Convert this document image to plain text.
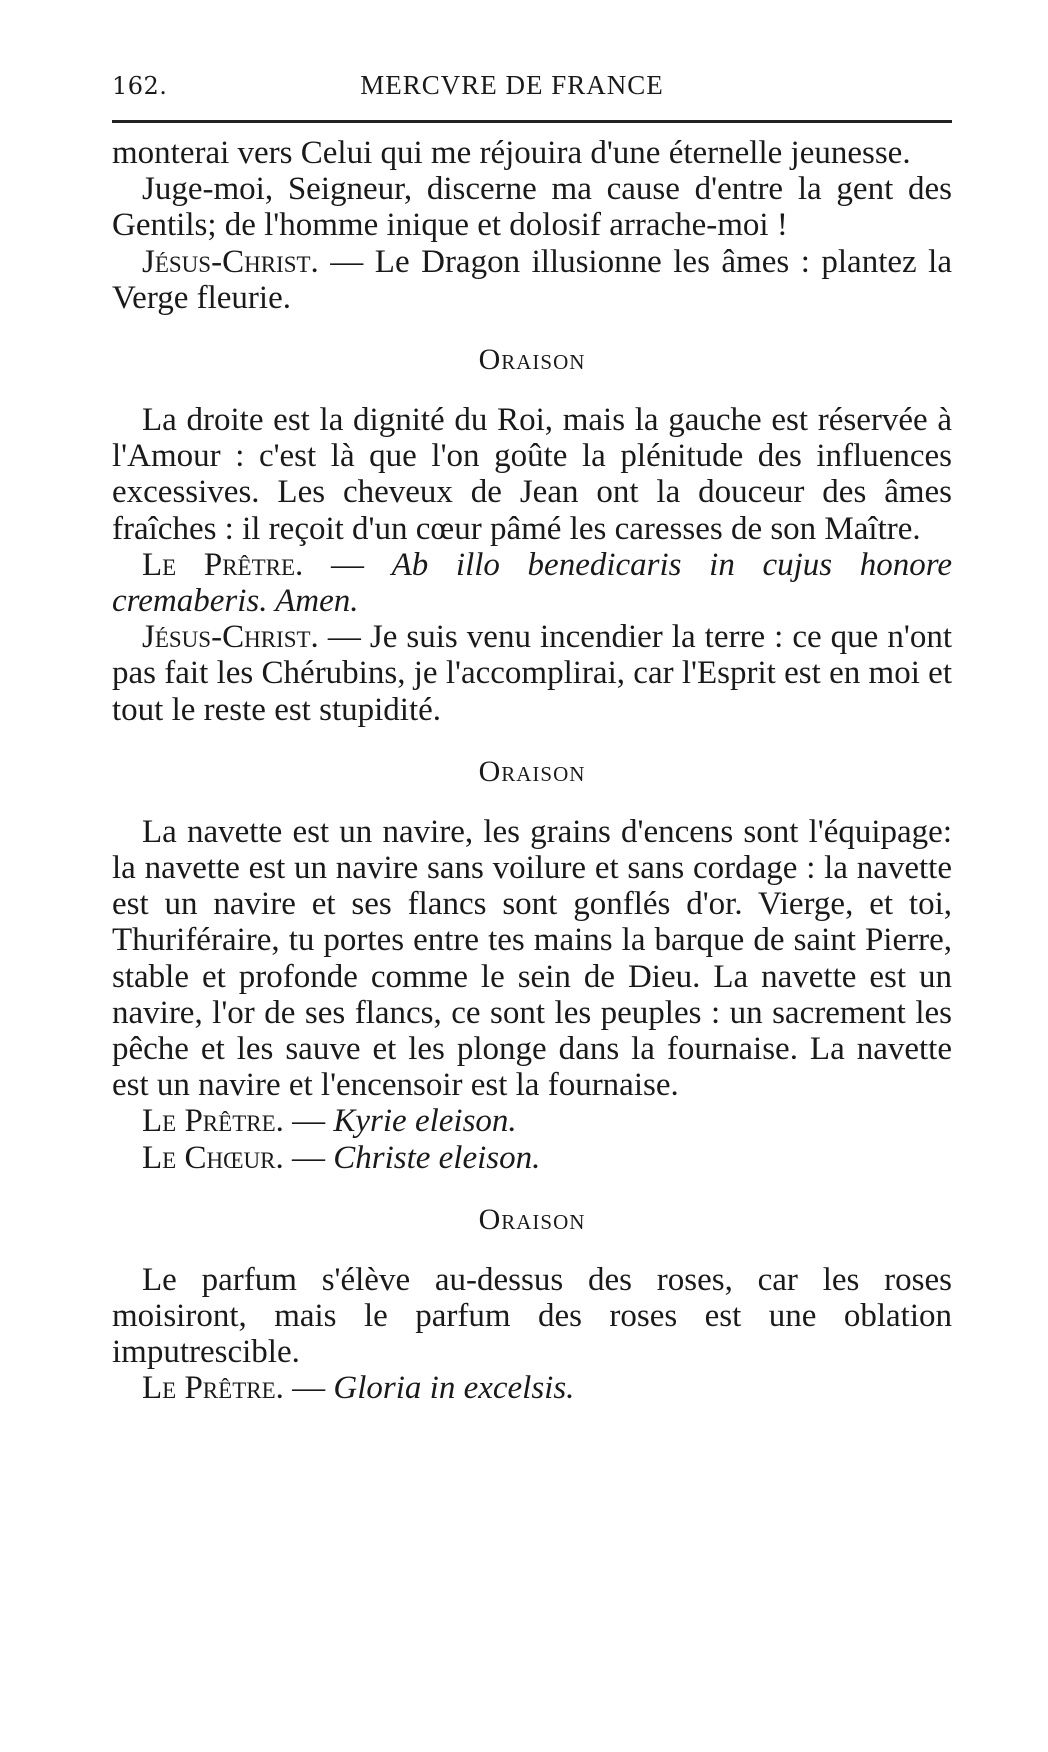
162.	MERCVRE DE FRANCE

monterai vers Celui qui me réjouira d'une éternelle jeunesse.

Juge-moi, Seigneur, discerne ma cause d'entre la gent des Gentils; de l'homme inique et dolosif arrache-moi !

Jésus-Christ. — Le Dragon illusionne les âmes : plantez la Verge fleurie.

Oraison

La droite est la dignité du Roi, mais la gauche est réservée à l'Amour : c'est là que l'on goûte la plénitude des influences excessives. Les cheveux de Jean ont la douceur des âmes fraîches : il reçoit d'un cœur pâmé les caresses de son Maître.

Le Prêtre. — Ab illo benedicaris in cujus honore cremaberis. Amen.

Jésus-Christ. — Je suis venu incendier la terre : ce que n'ont pas fait les Chérubins, je l'accomplirai, car l'Esprit est en moi et tout le reste est stupidité.

Oraison

La navette est un navire, les grains d'encens sont l'équipage: la navette est un navire sans voilure et sans cordage : la navette est un navire et ses flancs sont gonflés d'or. Vierge, et toi, Thuriféraire, tu portes entre tes mains la barque de saint Pierre, stable et profonde comme le sein de Dieu. La navette est un navire, l'or de ses flancs, ce sont les peuples : un sacrement les pêche et les sauve et les plonge dans la fournaise. La navette est un navire et l'encensoir est la fournaise.

Le Prêtre. — Kyrie eleison.

Le Chœur. — Christe eleison.

Oraison

Le parfum s'élève au-dessus des roses, car les roses moisiront, mais le parfum des roses est une oblation imputrescible.

Le Prêtre. — Gloria in excelsis.
